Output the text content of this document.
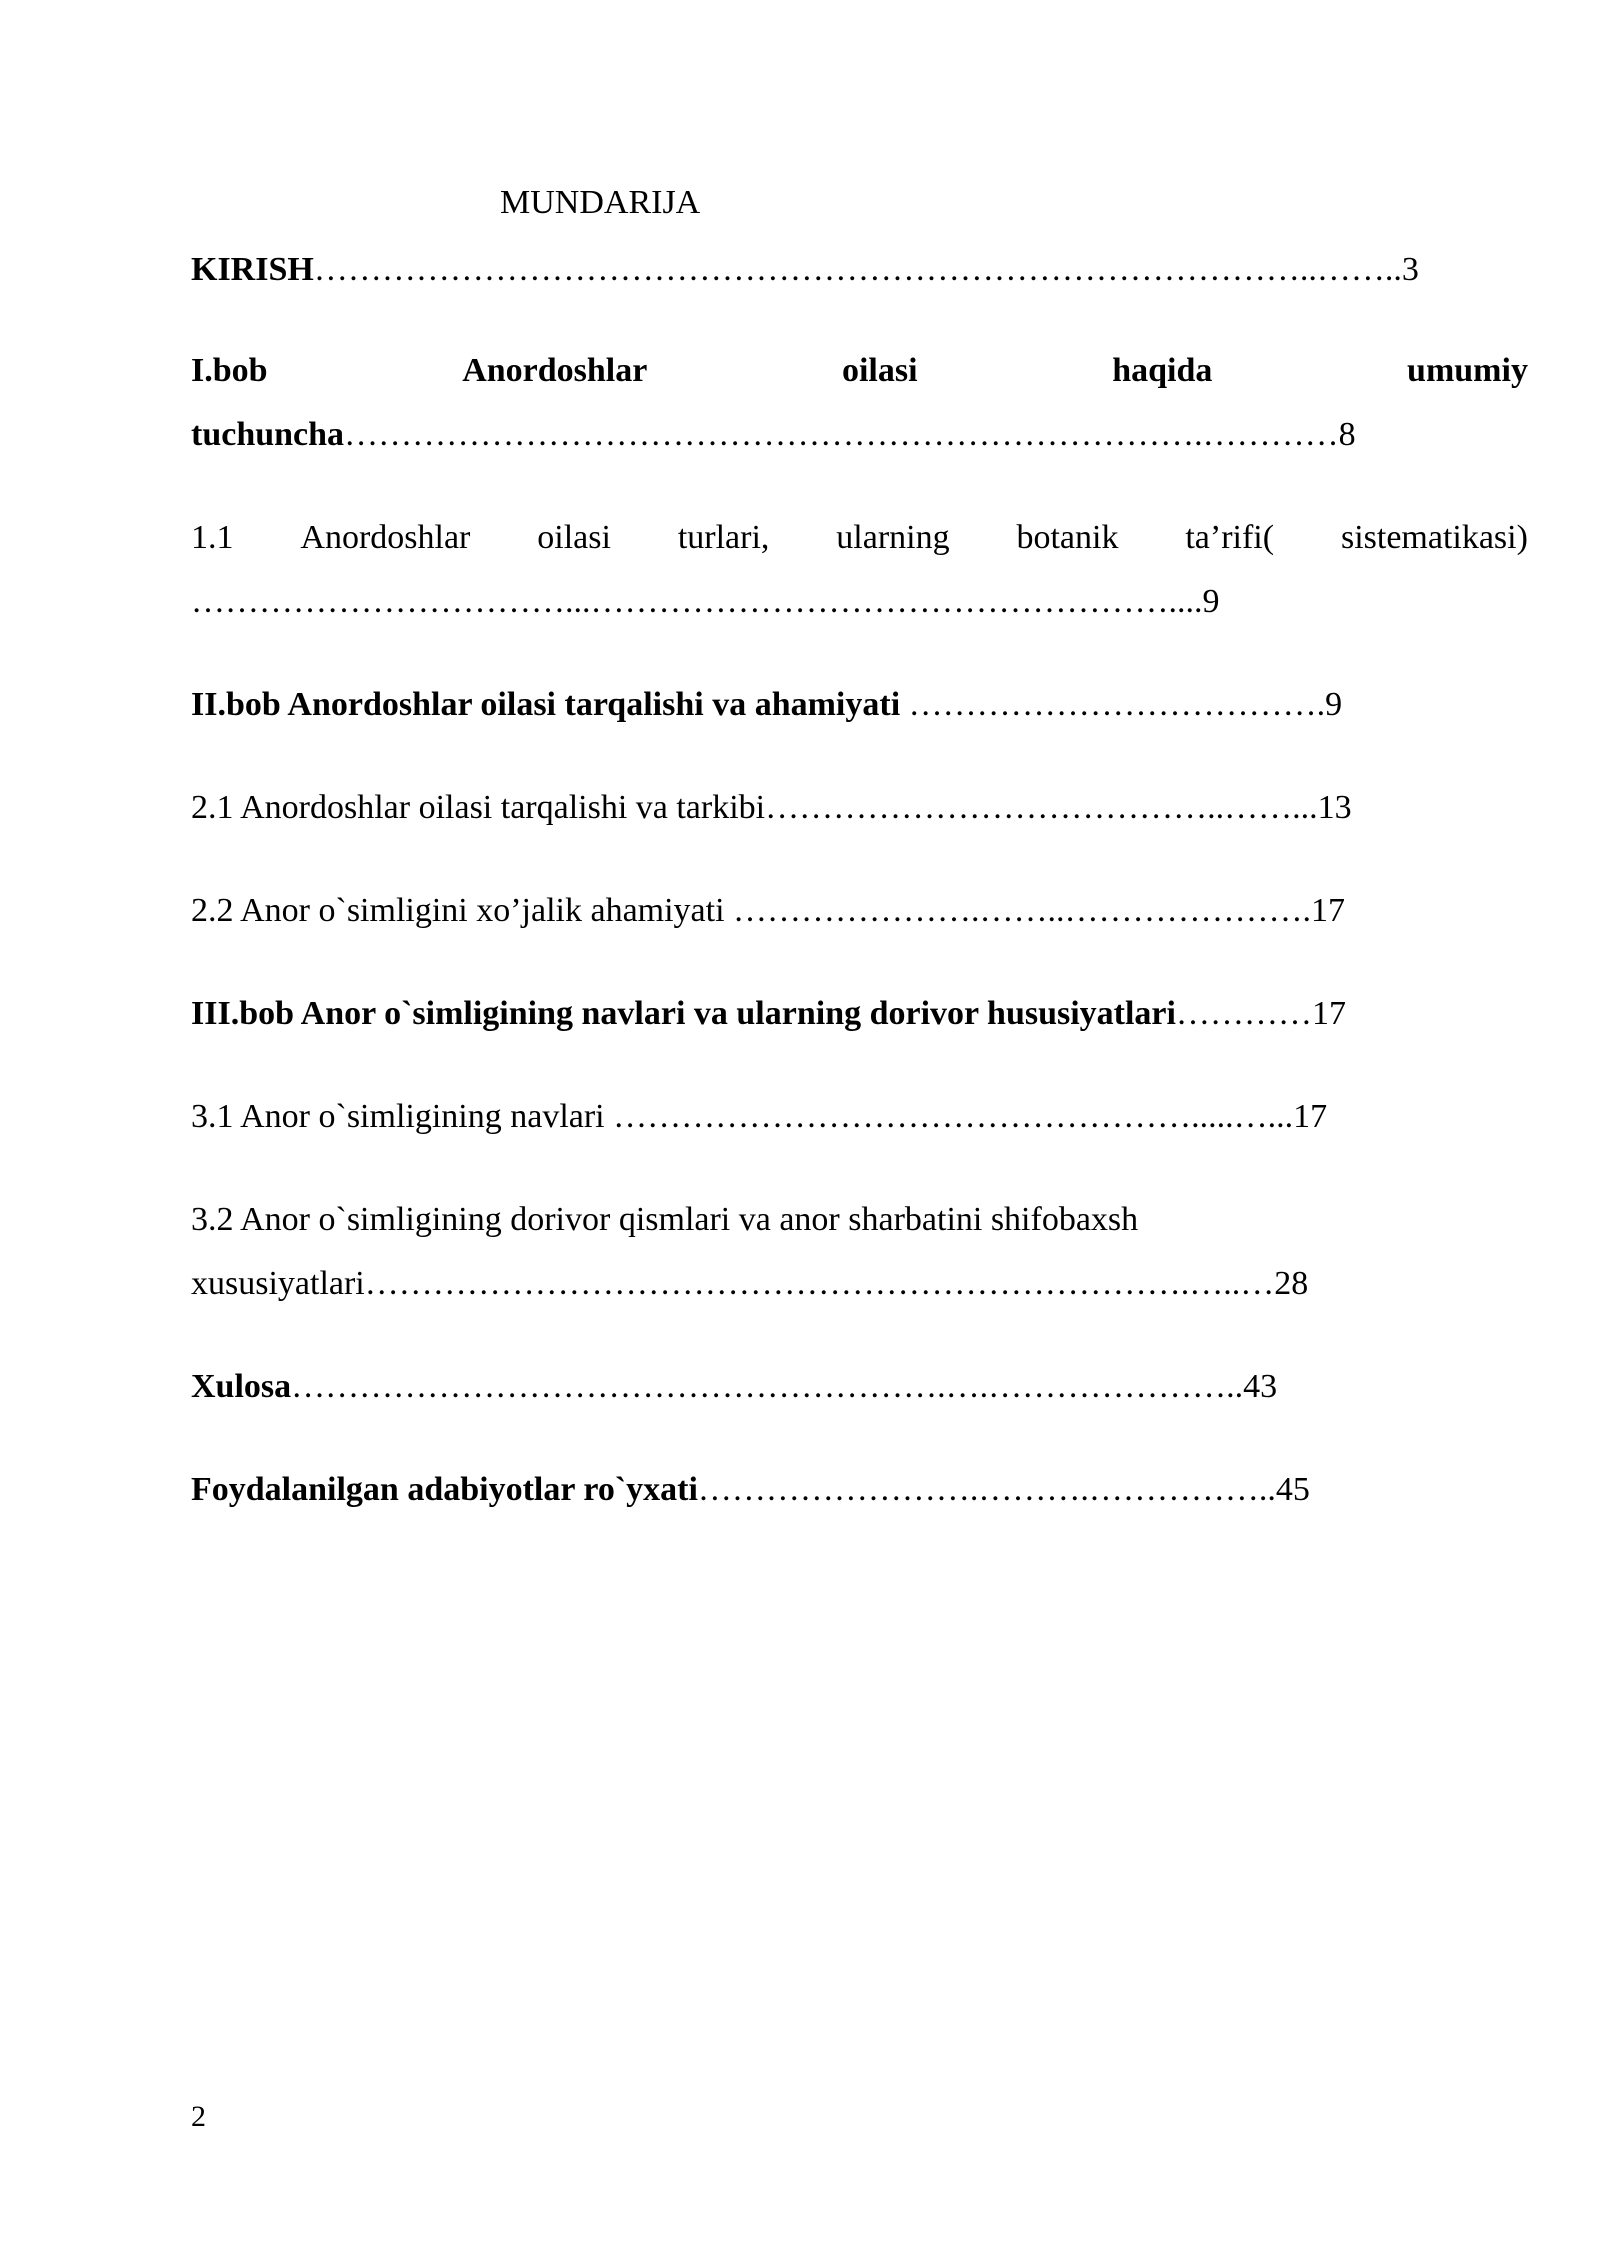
MUNDARIJA
KIRISH……………………………………………………………………………..……..3
I.bob	Anordoshlar	oilasi	haqida	umumiy
tuchuncha………………………………………………………………….…………8
1.1 Anordoshlar oilasi turlari, ularning botanik ta’rifi( sistematikasi)
……………………………...……………………………………………....9
II.bob Anordoshlar oilasi tarqalishi va ahamiyati ……………………………….9
2.1 Anordoshlar oilasi tarqalishi va tarkibi…………………………………..……...13
2.2 Anor o`simligini xo’jalik ahamiyati ………………….……..………………….17
III.bob Anor o`simligining navlari va ularning dorivor hususiyatlari…………17
3.1 Anor o`simligining navlari …………………………………………….....…...17
3.2 Anor o`simligining dorivor qismlari va anor sharbatini shifobaxsh
xususiyatlari……………………………………………………………….…..…28
Xulosa………………………………………………….….…………………..43
Foydalanilgan adabiyotlar ro`yxati…………………….……….……………..45
2
